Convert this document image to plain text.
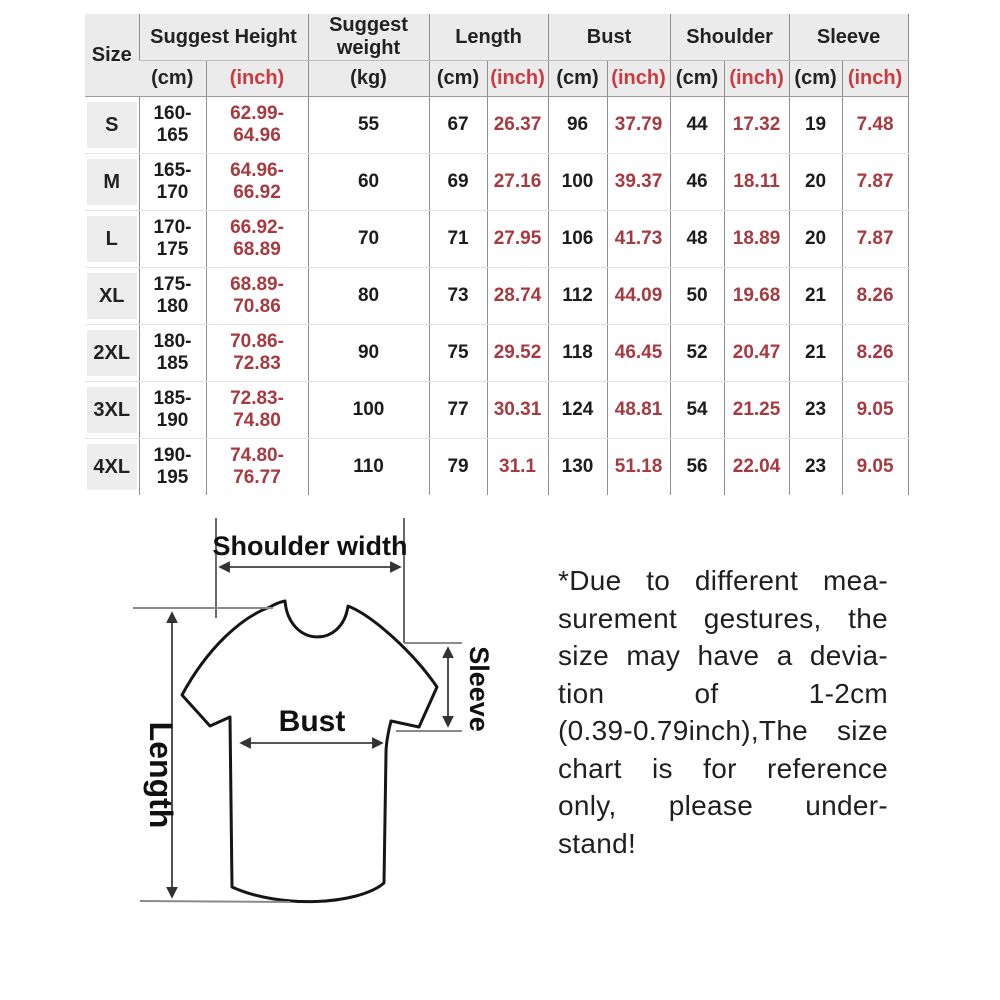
Size	Suggest Height		Suggest weight	Length		Bust		Shoulder		Sleeve	
	(cm)	(inch)	(kg)	(cm)	(inch)	(cm)	(inch)	(cm)	(inch)	(cm)	(inch)

S	160-165	62.99-64.96	55	67	26.37	96	37.79	44	17.32	19	7.48

M	165-170	64.96-66.92	60	69	27.16	100	39.37	46	18.11	20	7.87

L	170-175	66.92-68.89	70	71	27.95	106	41.73	48	18.89	20	7.87

XL	175-180	68.89-70.86	80	73	28.74	112	44.09	50	19.68	21	8.26

2XL	180-185	70.86-72.83	90	75	29.52	118	46.45	52	20.47	21	8.26

3XL	185-190	72.83-74.80	100	77	30.31	124	48.81	54	21.25	23	9.05

4XL	190-195	74.80-76.77	110	79	31.1	130	51.18	56	22.04	23	9.05
Shoulder width
Bust
Length
Sleeve
*Due to different mea-
surement gestures, the
size may have a devia-
tion of 1-2cm
(0.39-0.79inch),The size
chart is for reference
only, please under-
stand!
